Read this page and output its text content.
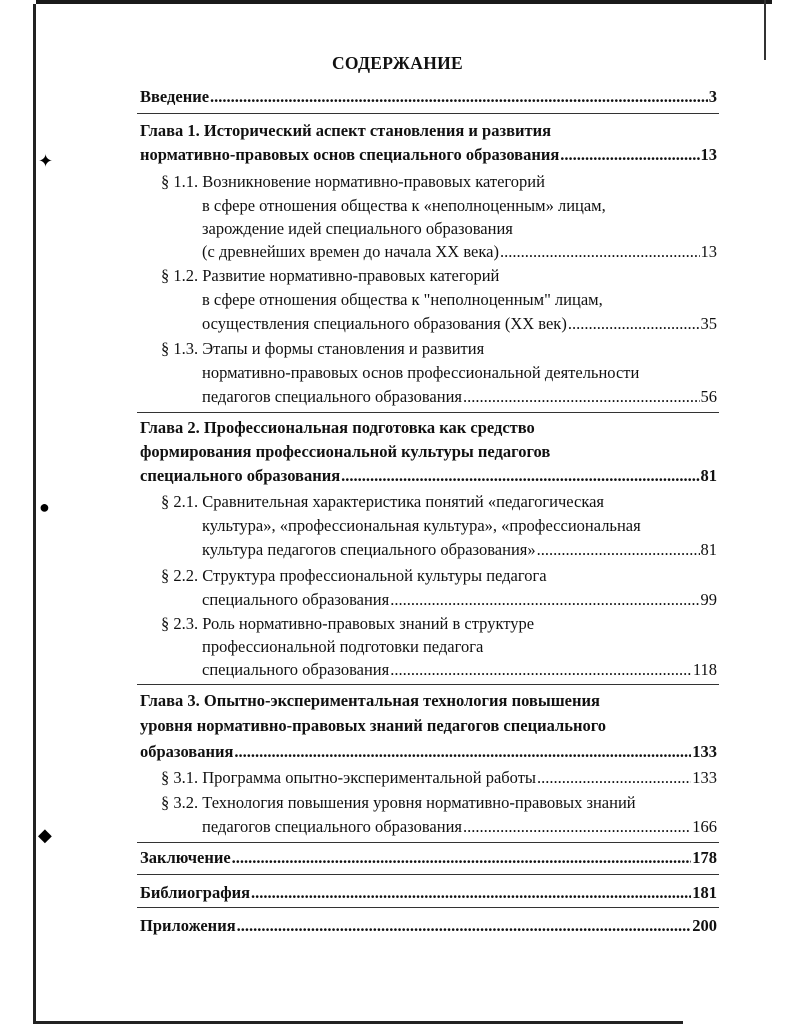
✦
●
◆
СОДЕРЖАНИЕ
Введение .....	3
Глава 1. Исторический аспект становления и развития
нормативно-правовых основ специального образования .....	13
§ 1.1. Возникновение нормативно-правовых категорий
в сфере отношения общества к «неполноценным» лицам,
зарождение идей специального образования
(с древнейших времен до начала XX века) .....	13
§ 1.2. Развитие нормативно-правовых категорий
в сфере отношения общества к "неполноценным" лицам,
осуществления специального образования (XX век) .....	35
§ 1.3. Этапы и формы становления и развития
нормативно-правовых основ профессиональной деятельности
педагогов специального образования .....	56
Глава 2. Профессиональная подготовка как средство
формирования профессиональной культуры педагогов
специального образования .....	81
§ 2.1. Сравнительная характеристика понятий «педагогическая
культура», «профессиональная культура», «профессиональная
культура педагогов специального образования» .....	81
§ 2.2. Структура профессиональной культуры педагога
специального образования .....	99
§ 2.3. Роль нормативно-правовых знаний в структуре
профессиональной подготовки педагога
специального образования .....	118
Глава 3. Опытно-экспериментальная технология повышения
уровня нормативно-правовых знаний педагогов специального
образования .....	133
§ 3.1. Программа опытно-экспериментальной работы .....	133
§ 3.2. Технология повышения уровня нормативно-правовых знаний
педагогов специального образования .....	166
Заключение .....	178
Библиография .....	181
Приложения .....	200
